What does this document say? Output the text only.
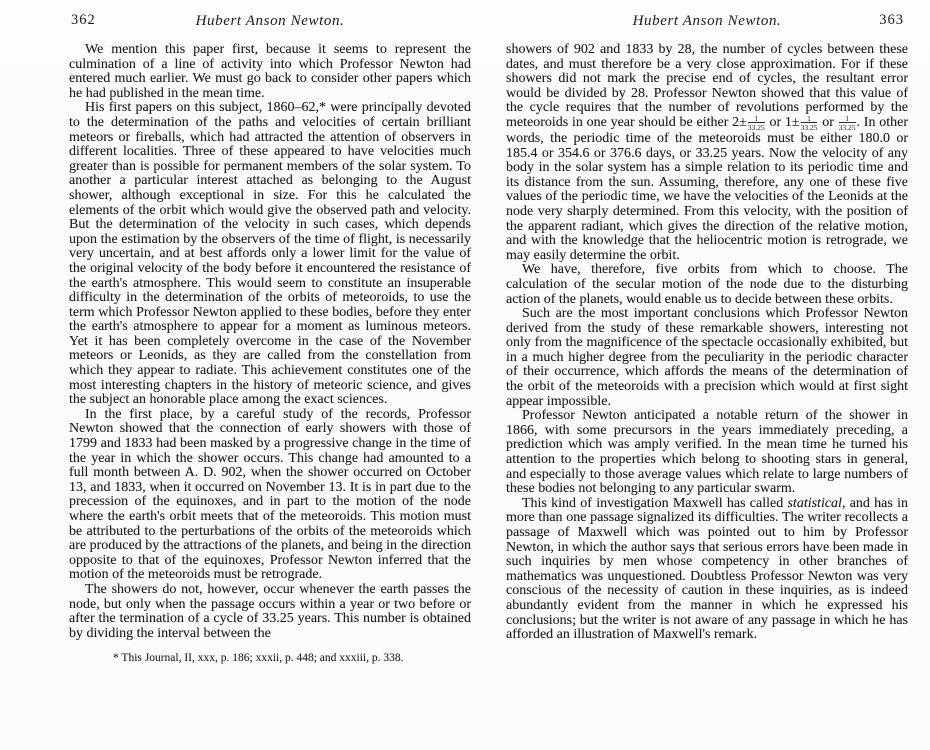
362	Hubert Anson Newton.

We mention this paper first, because it seems to represent the culmination of a line of activity into which Professor Newton had entered much earlier. We must go back to consider other papers which he had published in the mean time.

His first papers on this subject, 1860–62,* were principally devoted to the determination of the paths and velocities of certain brilliant meteors or fireballs, which had attracted the attention of observers in different localities. Three of these appeared to have velocities much greater than is possible for permanent members of the solar system. To another a particular interest attached as belonging to the August shower, although exceptional in size. For this he calculated the elements of the orbit which would give the observed path and velocity. But the determination of the velocity in such cases, which depends upon the estimation by the observers of the time of flight, is necessarily very uncertain, and at best affords only a lower limit for the value of the original velocity of the body before it encountered the resistance of the earth's atmosphere. This would seem to constitute an insuperable difficulty in the determination of the orbits of meteoroids, to use the term which Professor Newton applied to these bodies, before they enter the earth's atmosphere to appear for a moment as luminous meteors. Yet it has been completely overcome in the case of the November meteors or Leonids, as they are called from the constellation from which they appear to radiate. This achievement constitutes one of the most interesting chapters in the history of meteoric science, and gives the subject an honorable place among the exact sciences.

In the first place, by a careful study of the records, Professor Newton showed that the connection of early showers with those of 1799 and 1833 had been masked by a progressive change in the time of the year in which the shower occurs. This change had amounted to a full month between A. D. 902, when the shower occurred on October 13, and 1833, when it occurred on November 13. It is in part due to the precession of the equinoxes, and in part to the motion of the node where the earth's orbit meets that of the meteoroids. This motion must be attributed to the perturbations of the orbits of the meteoroids which are produced by the attractions of the planets, and being in the direction opposite to that of the equinoxes, Professor Newton inferred that the motion of the meteoroids must be retrograde.

The showers do not, however, occur whenever the earth passes the node, but only when the passage occurs within a year or two before or after the termination of a cycle of 33.25 years. This number is obtained by dividing the interval between the

* This Journal, II, xxx, p. 186; xxxii, p. 448; and xxxiii, p. 338.
Hubert Anson Newton.	363

showers of 902 and 1833 by 28, the number of cycles between these dates, and must therefore be a very close approximation. For if these showers did not mark the precise end of cycles, the resultant error would be divided by 28. Professor Newton showed that this value of the cycle requires that the number of revolutions performed by the meteoroids in one year should be either $2\pm \frac{1}{33.25}$ or $1\pm \frac{1}{33.25}$ or $\frac{1}{33.25}$ . In other words, the periodic time of the meteoroids must be either 180.0 or 185.4 or 354.6 or 376.6 days, or 33.25 years. Now the velocity of any body in the solar system has a simple relation to its periodic time and its distance from the sun. Assuming, therefore, any one of these five values of the periodic time, we have the velocities of the Leonids at the node very sharply determined. From this velocity, with the position of the apparent radiant, which gives the direction of the relative motion, and with the knowledge that the heliocentric motion is retrograde, we may easily determine the orbit.

We have, therefore, five orbits from which to choose. The calculation of the secular motion of the node due to the disturbing action of the planets, would enable us to decide between these orbits.

Such are the most important conclusions which Professor Newton derived from the study of these remarkable showers, interesting not only from the magnificence of the spectacle occasionally exhibited, but in a much higher degree from the peculiarity in the periodic character of their occurrence, which affords the means of the determination of the orbit of the meteoroids with a precision which would at first sight appear impossible.

Professor Newton anticipated a notable return of the shower in 1866, with some precursors in the years immediately preceding, a prediction which was amply verified. In the mean time he turned his attention to the properties which belong to shooting stars in general, and especially to those average values which relate to large numbers of these bodies not belonging to any particular swarm.

This kind of investigation Maxwell has called statistical, and has in more than one passage signalized its difficulties. The writer recollects a passage of Maxwell which was pointed out to him by Professor Newton, in which the author says that serious errors have been made in such inquiries by men whose competency in other branches of mathematics was unquestioned. Doubtless Professor Newton was very conscious of the necessity of caution in these inquiries, as is indeed abundantly evident from the manner in which he expressed his conclusions; but the writer is not aware of any passage in which he has afforded an illustration of Maxwell's remark.
